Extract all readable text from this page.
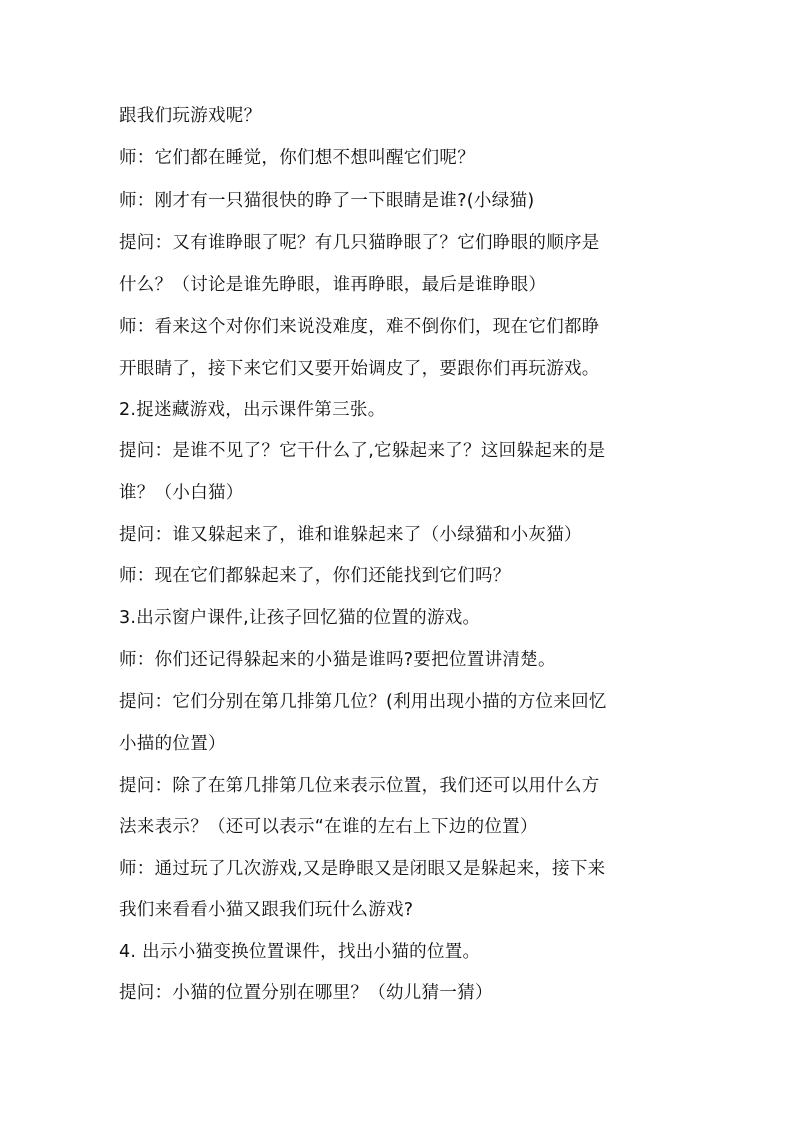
跟我们玩游戏呢？
师：它们都在睡觉，你们想不想叫醒它们呢？
师：刚才有一只猫很快的睁了一下眼睛是谁?(小绿猫)
提问：又有谁睁眼了呢？有几只猫睁眼了？它们睁眼的顺序是
什么？（讨论是谁先睁眼，谁再睁眼，最后是谁睁眼）
师：看来这个对你们来说没难度，难不倒你们，现在它们都睁
开眼睛了，接下来它们又要开始调皮了，要跟你们再玩游戏。
2.捉迷藏游戏，出示课件第三张。
提问：是谁不见了？它干什么了,它躲起来了？这回躲起来的是
谁？（小白猫）
提问：谁又躲起来了，谁和谁躲起来了（小绿猫和小灰猫）
师：现在它们都躲起来了，你们还能找到它们吗？
3.出示窗户课件,让孩子回忆猫的位置的游戏。
师：你们还记得躲起来的小猫是谁吗?要把位置讲清楚。
提问：它们分别在第几排第几位？(利用出现小描的方位来回忆
小描的位置）
提问：除了在第几排第几位来表示位置，我们还可以用什么方
法来表示？（还可以表示“在谁的左右上下边的位置）
师：通过玩了几次游戏,又是睁眼又是闭眼又是躲起来，接下来
我们来看看小猫又跟我们玩什么游戏?
4. 出示小猫变换位置课件，找出小猫的位置。
提问：小猫的位置分别在哪里？（幼儿猜一猜）
